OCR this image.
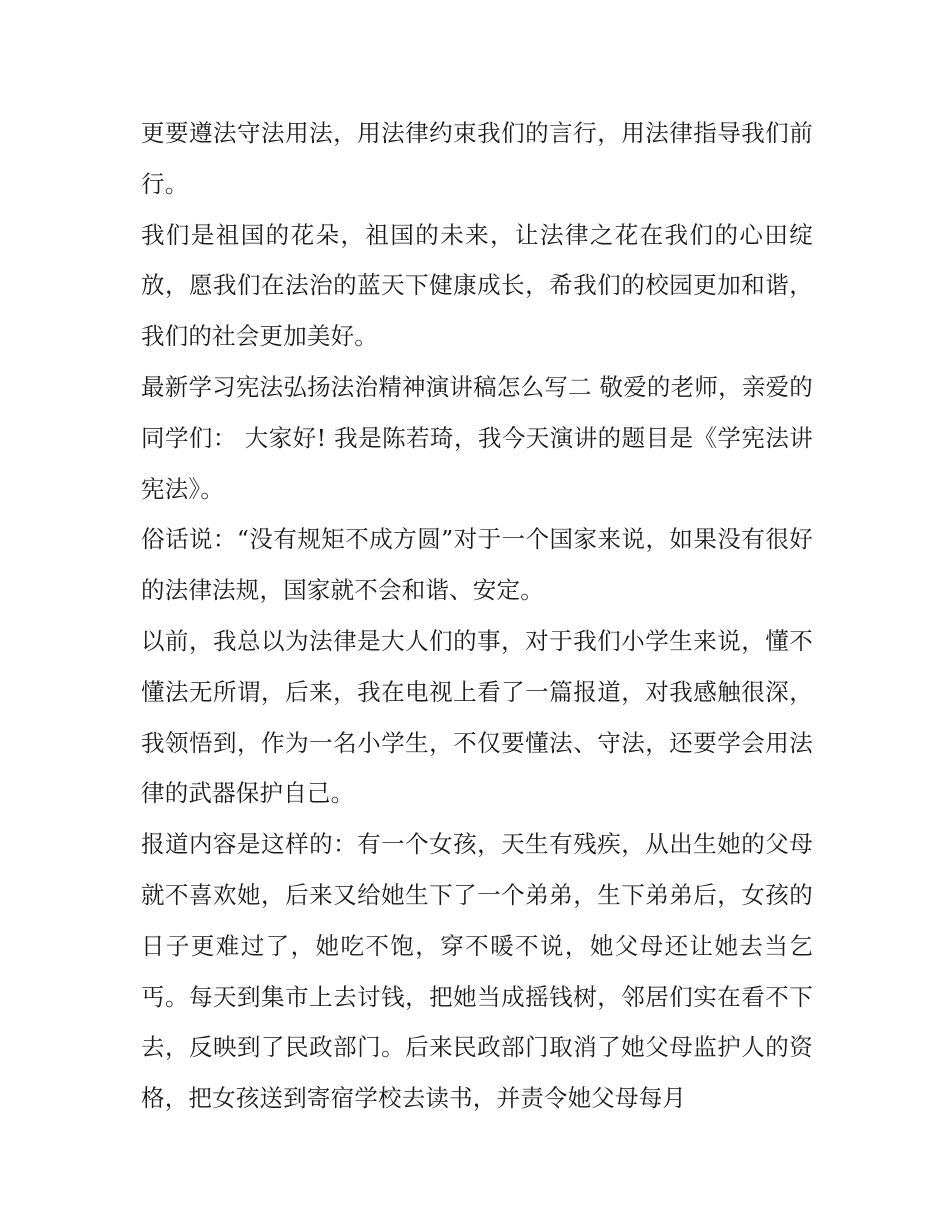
更要遵法守法用法，用法律约束我们的言行，用法律指导我们前行。

我们是祖国的花朵，祖国的未来，让法律之花在我们的心田绽放，愿我们在法治的蓝天下健康成长，希我们的校园更加和谐，我们的社会更加美好。

最新学习宪法弘扬法治精神演讲稿怎么写二 敬爱的老师，亲爱的同学们： 大家好! 我是陈若琦，我今天演讲的题目是《学宪法讲宪法》。

俗话说：“没有规矩不成方圆”对于一个国家来说，如果没有很好的法律法规，国家就不会和谐、安定。

以前，我总以为法律是大人们的事，对于我们小学生来说，懂不懂法无所谓，后来，我在电视上看了一篇报道，对我感触很深，我领悟到，作为一名小学生，不仅要懂法、守法，还要学会用法律的武器保护自己。

报道内容是这样的：有一个女孩，天生有残疾，从出生她的父母就不喜欢她，后来又给她生下了一个弟弟，生下弟弟后，女孩的日子更难过了，她吃不饱，穿不暖不说，她父母还让她去当乞丐。每天到集市上去讨钱，把她当成摇钱树，邻居们实在看不下去，反映到了民政部门。后来民政部门取消了她父母监护人的资格，把女孩送到寄宿学校去读书，并责令她父母每月
